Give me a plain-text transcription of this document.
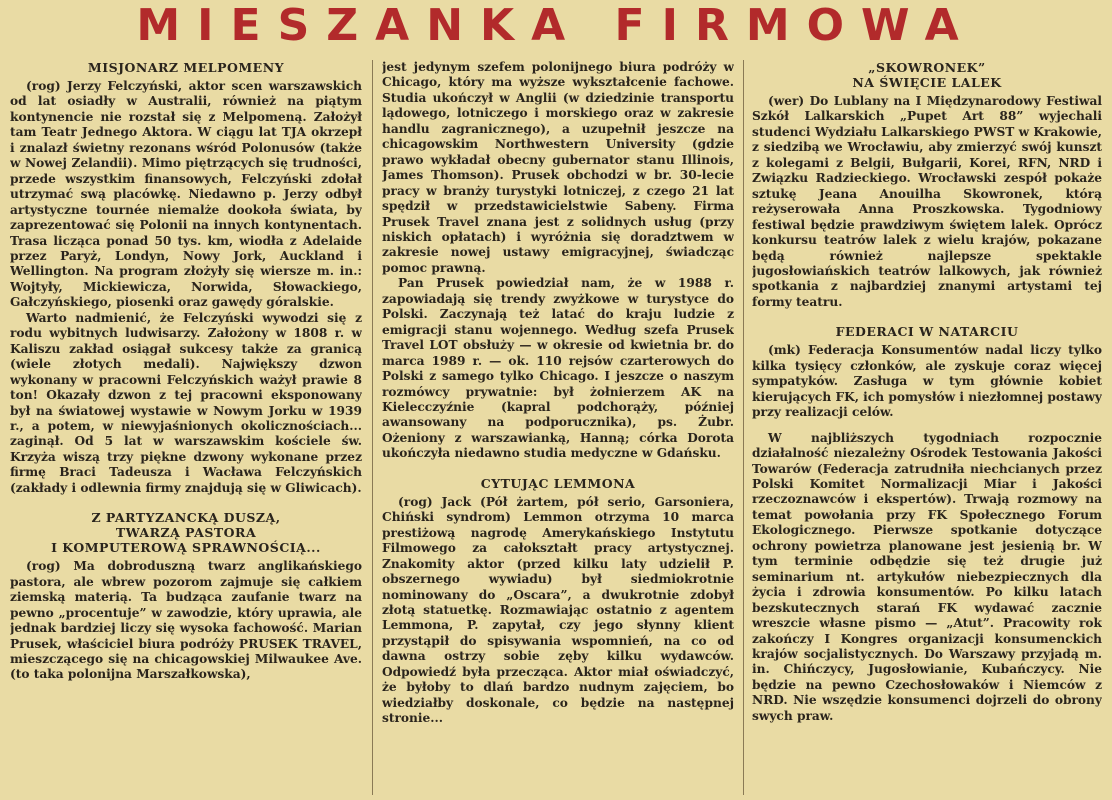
MIESZANKA FIRMOWA
MISJONARZ MELPOMENY

(rog) Jerzy Felczyński, aktor scen warszawskich od lat osiadły w Australii, również na piątym kontynencie nie rozstał się z Melpomeną. Założył tam Teatr Jednego Aktora. W ciągu lat TJA okrzepł i znalazł świetny rezonans wśród Polonusów (także w Nowej Zelandii). Mimo piętrzących się trudności, przede wszystkim finansowych, Felczyński zdołał utrzymać swą placówkę. Niedawno p. Jerzy odbył artystyczne tournée niemalże dookoła świata, by zaprezentować się Polonii na innych kontynentach. Trasa licząca ponad 50 tys. km, wiodła z Adelaide przez Paryż, Londyn, Nowy Jork, Auckland i Wellington. Na program złożyły się wiersze m. in.: Wojtyły, Mickiewicza, Norwida, Słowackiego, Gałczyńskiego, piosenki oraz gawędy góralskie.

Warto nadmienić, że Felczyński wywodzi się z rodu wybitnych ludwisarzy. Założony w 1808 r. w Kaliszu zakład osiągał sukcesy także za granicą (wiele złotych medali). Największy dzwon wykonany w pracowni Felczyńskich ważył prawie 8 ton! Okazały dzwon z tej pracowni eksponowany był na światowej wystawie w Nowym Jorku w 1939 r., a potem, w niewyjaśnionych okolicznościach... zaginął. Od 5 lat w warszawskim kościele św. Krzyża wiszą trzy piękne dzwony wykonane przez firmę Braci Tadeusza i Wacława Felczyńskich (zakłady i odlewnia firmy znajdują się w Gliwicach).

Z PARTYZANCKĄ DUSZĄ,
TWARZĄ PASTORA
I KOMPUTEROWĄ SPRAWNOŚCIĄ...

(rog) Ma dobroduszną twarz anglikańskiego pastora, ale wbrew pozorom zajmuje się całkiem ziemską materią. Ta budząca zaufanie twarz na pewno „procentuje” w zawodzie, który uprawia, ale jednak bardziej liczy się wysoka fachowość. Marian Prusek, właściciel biura podróży PRUSEK TRAVEL, mieszczącego się na chicagowskiej Milwaukee Ave. (to taka polonijna Marszałkowska),

jest jedynym szefem polonijnego biura podróży w Chicago, który ma wyższe wykształcenie fachowe. Studia ukończył w Anglii (w dziedzinie transportu lądowego, lotniczego i morskiego oraz w zakresie handlu zagranicznego), a uzupełnił jeszcze na chicagowskim Northwestern University (gdzie prawo wykładał obecny gubernator stanu Illinois, James Thomson). Prusek obchodzi w br. 30-lecie pracy w branży turystyki lotniczej, z czego 21 lat spędził w przedstawicielstwie Sabeny. Firma Prusek Travel znana jest z solidnych usług (przy niskich opłatach) i wyróżnia się doradztwem w zakresie nowej ustawy emigracyjnej, świadcząc pomoc prawną.

Pan Prusek powiedział nam, że w 1988 r. zapowiadają się trendy zwyżkowe w turystyce do Polski. Zaczynają też latać do kraju ludzie z emigracji stanu wojennego. Według szefa Prusek Travel LOT obsłuży — w okresie od kwietnia br. do marca 1989 r. — ok. 110 rejsów czarterowych do Polski z samego tylko Chicago. I jeszcze o naszym rozmówcy prywatnie: był żołnierzem AK na Kielecczyźnie (kapral podchorąży, później awansowany na podporucznika), ps. Żubr. Ożeniony z warszawianką, Hanną; córka Dorota ukończyła niedawno studia medyczne w Gdańsku.

CYTUJĄC LEMMONA

(rog) Jack (Pół żartem, pół serio, Garsoniera, Chiński syndrom) Lemmon otrzyma 10 marca prestiżową nagrodę Amerykańskiego Instytutu Filmowego za całokształt pracy artystycznej. Znakomity aktor (przed kilku laty udzielił P. obszernego wywiadu) był siedmiokrotnie nominowany do „Oscara”, a dwukrotnie zdobył złotą statuetkę. Rozmawiając ostatnio z agentem Lemmona, P. zapytał, czy jego słynny klient przystąpił do spisywania wspomnień, na co od dawna ostrzy sobie zęby kilku wydawców. Odpowiedź była przecząca. Aktor miał oświadczyć, że byłoby to dlań bardzo nudnym zajęciem, bo wiedziałby doskonale, co będzie na następnej stronie...

„SKOWRONEK”
NA ŚWIĘCIE LALEK

(wer) Do Lublany na I Międzynarodowy Festiwal Szkół Lalkarskich „Pupet Art 88” wyjechali studenci Wydziału Lalkarskiego PWST w Krakowie, z siedzibą we Wrocławiu, aby zmierzyć swój kunszt z kolegami z Belgii, Bułgarii, Korei, RFN, NRD i Związku Radzieckiego. Wrocławski zespół pokaże sztukę Jeana Anouilha Skowronek, którą reżyserowała Anna Proszkowska. Tygodniowy festiwal będzie prawdziwym świętem lalek. Oprócz konkursu teatrów lalek z wielu krajów, pokazane będą również najlepsze spektakle jugosłowiańskich teatrów lalkowych, jak również spotkania z najbardziej znanymi artystami tej formy teatru.

FEDERACI W NATARCIU

(mk) Federacja Konsumentów nadal liczy tylko kilka tysięcy członków, ale zyskuje coraz więcej sympatyków. Zasługa w tym głównie kobiet kierujących FK, ich pomysłów i niezłomnej postawy przy realizacji celów.

W najbliższych tygodniach rozpocznie działalność niezależny Ośrodek Testowania Jakości Towarów (Federacja zatrudniła niechcianych przez Polski Komitet Normalizacji Miar i Jakości rzeczoznawców i ekspertów). Trwają rozmowy na temat powołania przy FK Społecznego Forum Ekologicznego. Pierwsze spotkanie dotyczące ochrony powietrza planowane jest jesienią br. W tym terminie odbędzie się też drugie już seminarium nt. artykułów niebezpiecznych dla życia i zdrowia konsumentów. Po kilku latach bezskutecznych starań FK wydawać zacznie wreszcie własne pismo — „Atut”. Pracowity rok zakończy I Kongres organizacji konsumenckich krajów socjalistycznych. Do Warszawy przyjadą m. in. Chińczycy, Jugosłowianie, Kubańczycy. Nie będzie na pewno Czechosłowaków i Niemców z NRD. Nie wszędzie konsumenci dojrzeli do obrony swych praw.
